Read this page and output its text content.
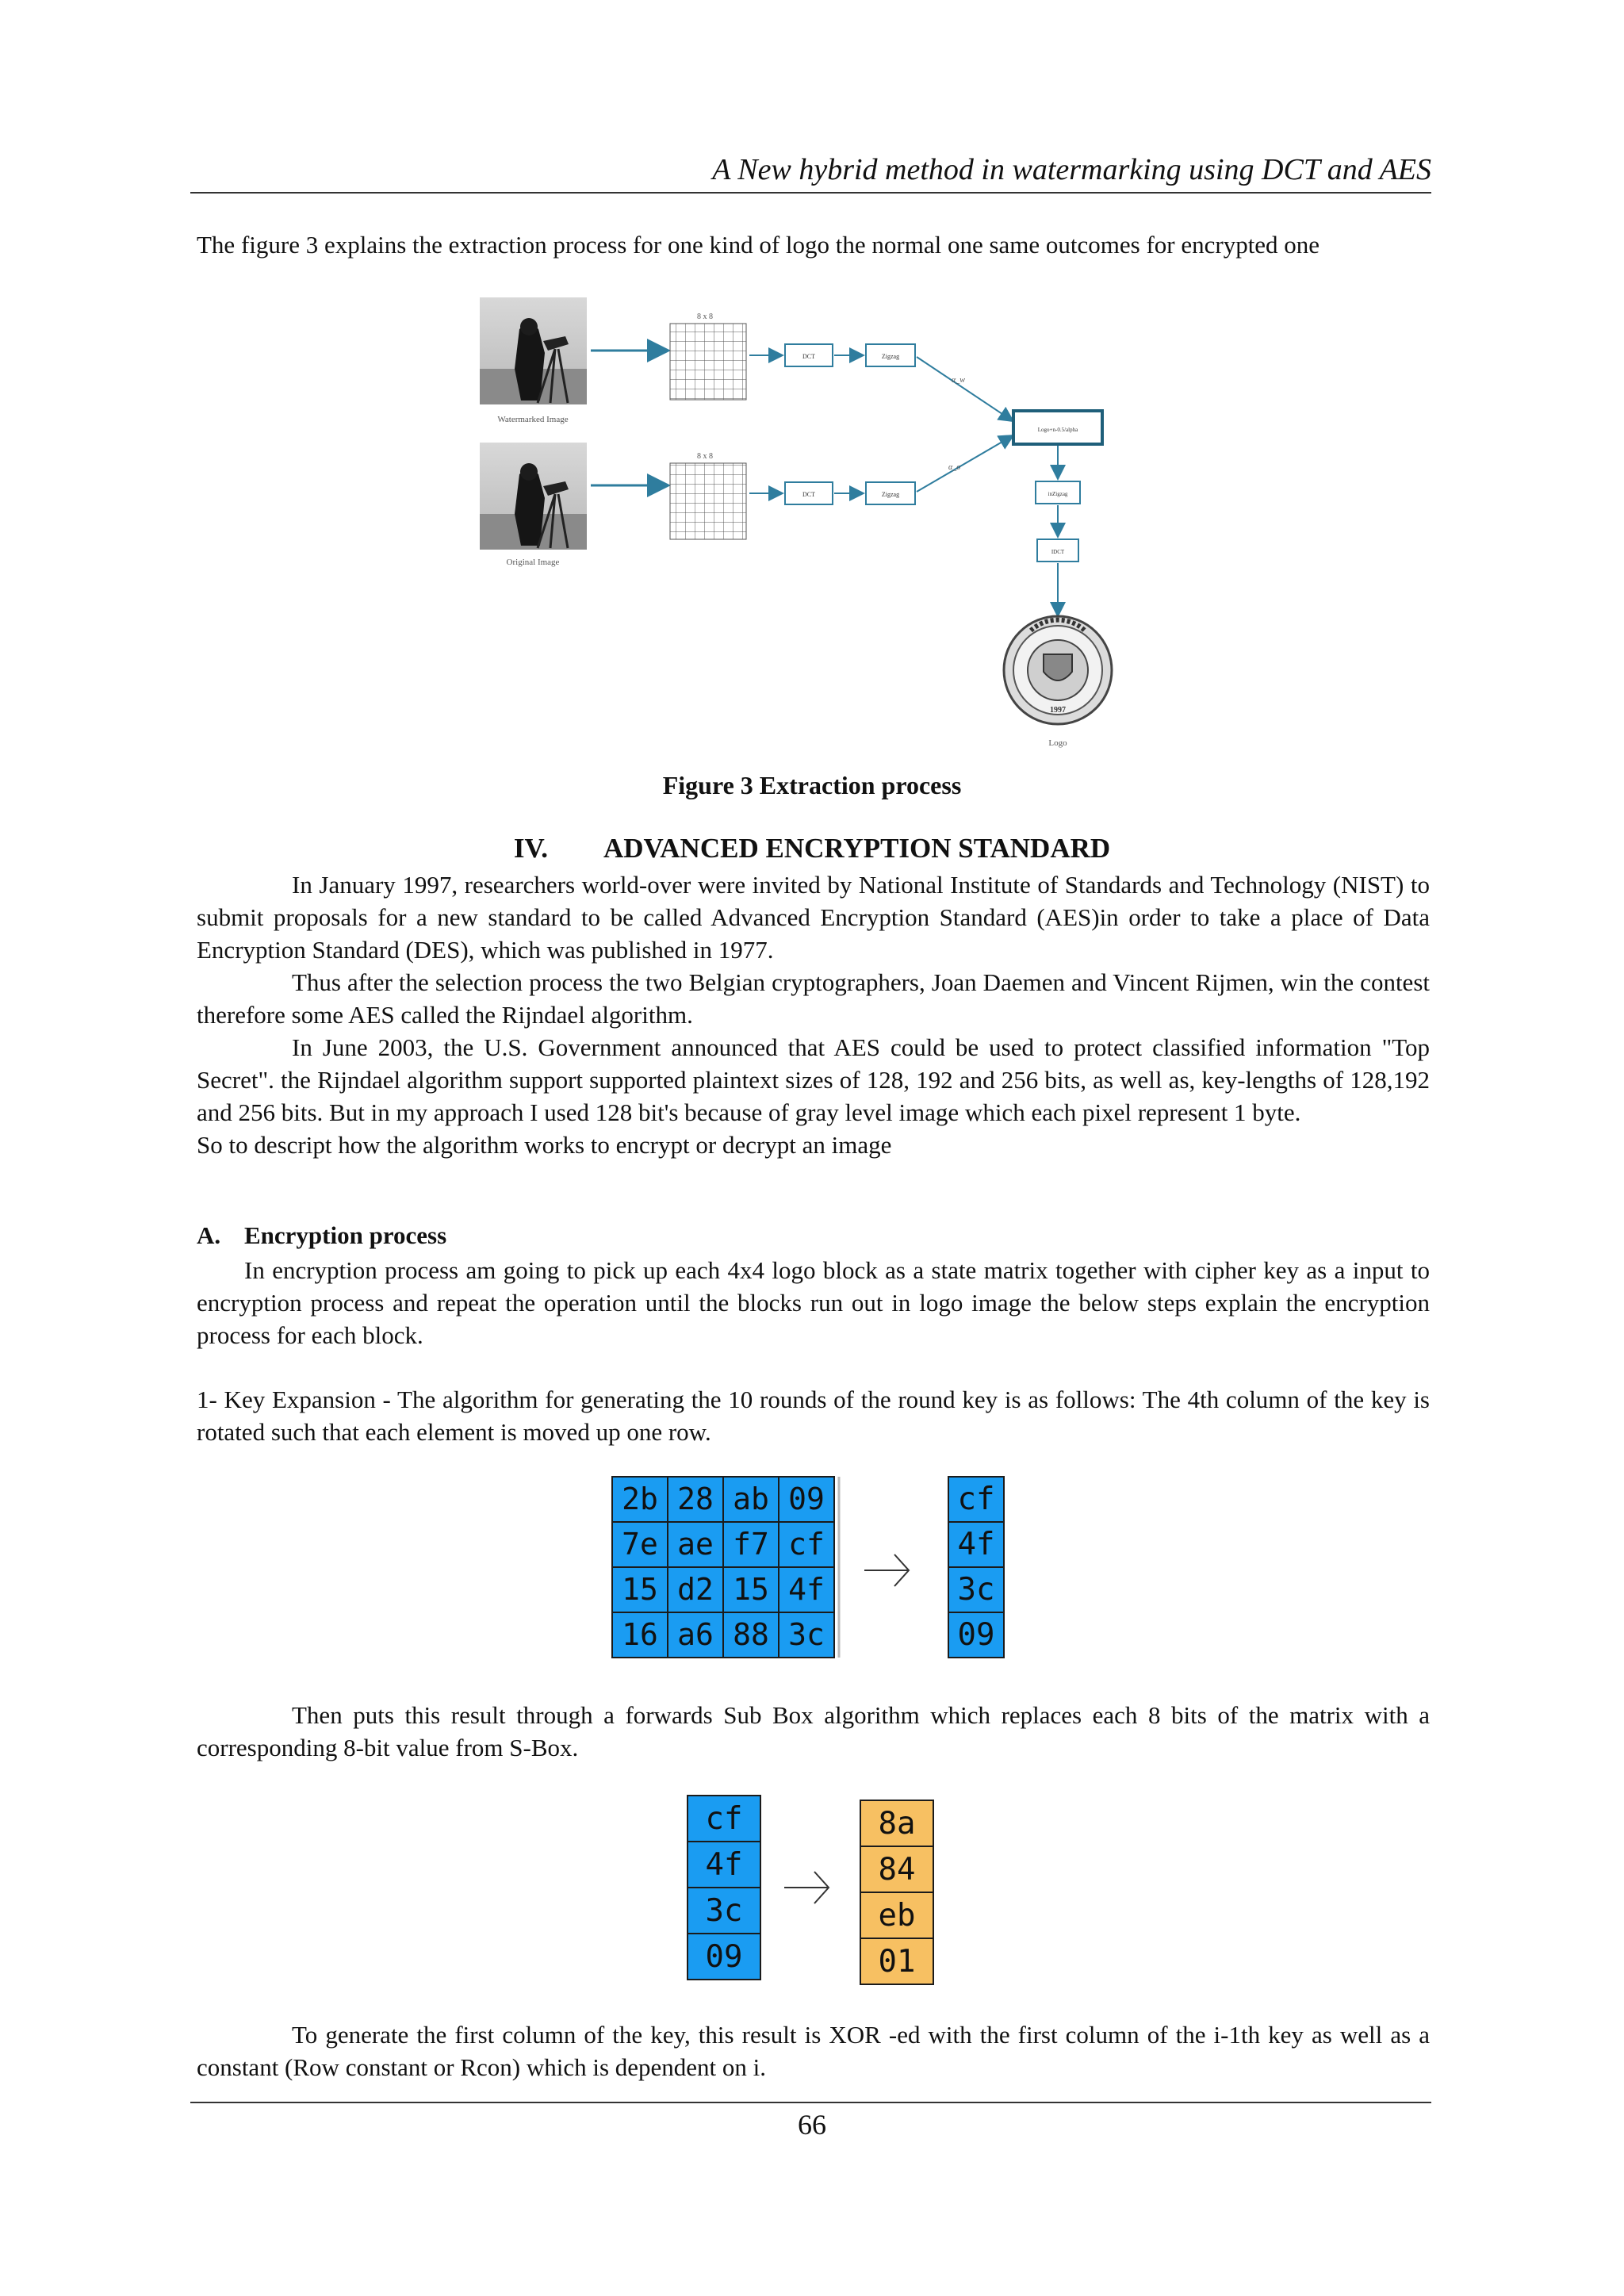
A New hybrid method in watermarking using DCT and AES
The figure 3 explains the extraction process for one kind of logo the normal one same outcomes for encrypted one
Watermarked Image
Original Image
8 x 8
8 x 8
DCT	Zigzag
DCT	Zigzag
α_w
α_o
Logo+n-0.5/alpha
inZigzag
IDCT
1997
Logo
Figure 3 Extraction process
IV. ADVANCED ENCRYPTION STANDARD

In January 1997, researchers world-over were invited by National Institute of Standards and Technology (NIST) to submit proposals for a new standard to be called Advanced Encryption Standard (AES)in order to take a place of Data Encryption Standard (DES), which was published in 1977.

Thus after the selection process the two Belgian cryptographers, Joan Daemen and Vincent Rijmen, win the contest therefore some AES called the Rijndael algorithm.

In June 2003, the U.S. Government announced that AES could be used to protect classified information "Top Secret". the Rijndael algorithm support supported plaintext sizes of 128, 192 and 256 bits, as well as, key-lengths of 128,192 and 256 bits. But in my approach I used 128 bit's because of gray level image which each pixel represent 1 byte.

So to descript how the algorithm works to encrypt or decrypt an image

A. Encryption process
In encryption process am going to pick up each 4x4 logo block as a state matrix together with cipher key as a input to encryption process and repeat the operation until the blocks run out in logo image the below steps explain the encryption process for each block.
1- Key Expansion - The algorithm for generating the 10 rounds of the round key is as follows: The 4th column of the key is rotated such that each element is moved up one row.
2b 28 ab 09
7e ae f7 cf
15 d2 15 4f
16 a6 88 3c
cf
4f
3c
09
Then puts this result through a forwards Sub Box algorithm which replaces each 8 bits of the matrix with a corresponding 8-bit value from S-Box.
cf
4f
3c
09
8a
84
eb
01
To generate the first column of the key, this result is XOR -ed with the first column of the i-1th key as well as a constant (Row constant or Rcon) which is dependent on i.
66
